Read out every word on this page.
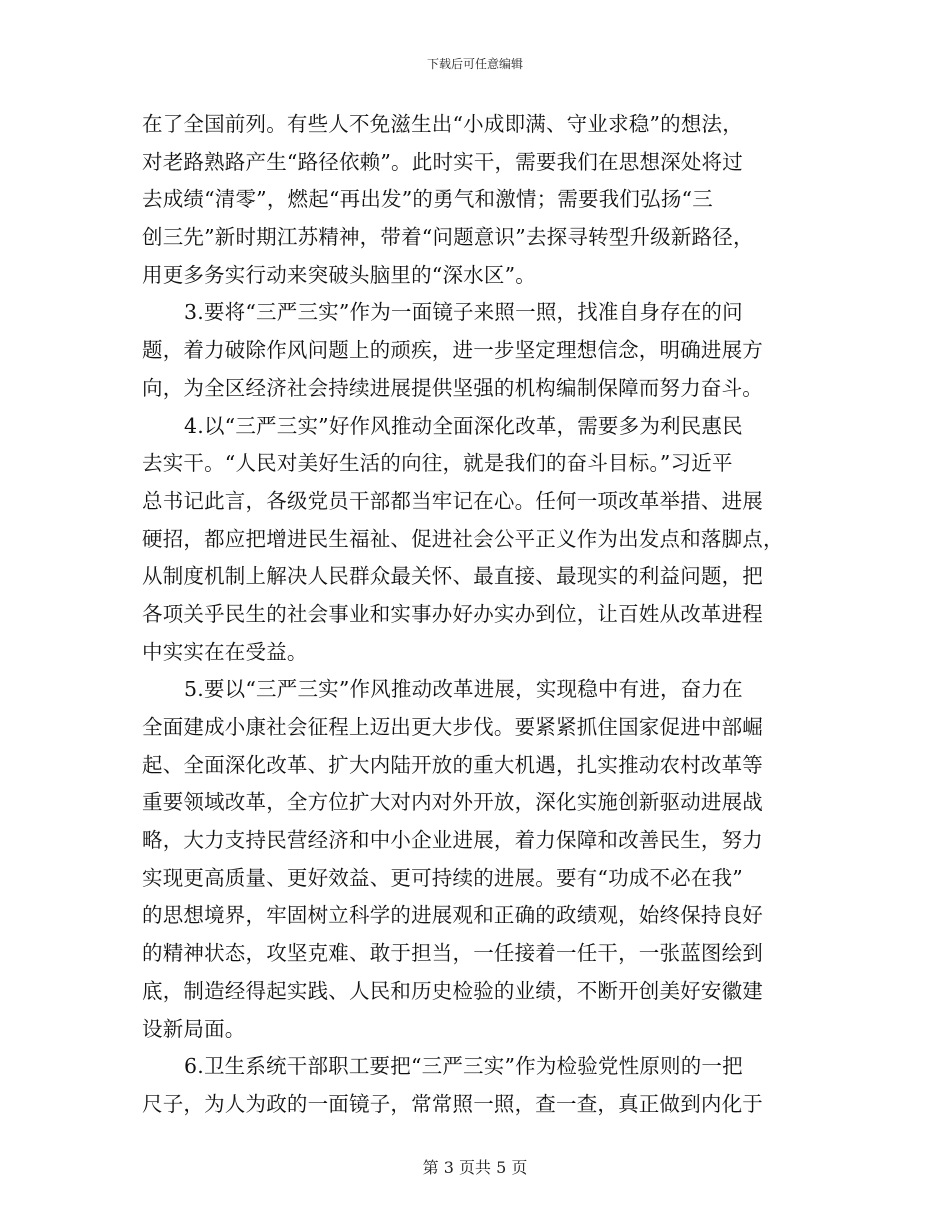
下载后可任意编辑
在了全国前列。有些人不免滋生出“小成即满、守业求稳”的想法，
对老路熟路产生“路径依赖”。此时实干，需要我们在思想深处将过
去成绩“清零”，燃起“再出发”的勇气和激情；需要我们弘扬“三
创三先”新时期江苏精神，带着“问题意识”去探寻转型升级新路径，
用更多务实行动来突破头脑里的“深水区”。
3.要将“三严三实”作为一面镜子来照一照，找准自身存在的问
题，着力破除作风问题上的顽疾，进一步坚定理想信念，明确进展方
向，为全区经济社会持续进展提供坚强的机构编制保障而努力奋斗。
4.以“三严三实”好作风推动全面深化改革，需要多为利民惠民
去实干。“人民对美好生活的向往，就是我们的奋斗目标。”习近平
总书记此言，各级党员干部都当牢记在心。任何一项改革举措、进展
硬招，都应把增进民生福祉、促进社会公平正义作为出发点和落脚点，
从制度机制上解决人民群众最关怀、最直接、最现实的利益问题，把
各项关乎民生的社会事业和实事办好办实办到位，让百姓从改革进程
中实实在在受益。
5.要以“三严三实”作风推动改革进展，实现稳中有进，奋力在
全面建成小康社会征程上迈出更大步伐。要紧紧抓住国家促进中部崛
起、全面深化改革、扩大内陆开放的重大机遇，扎实推动农村改革等
重要领域改革，全方位扩大对内对外开放，深化实施创新驱动进展战
略，大力支持民营经济和中小企业进展，着力保障和改善民生，努力
实现更高质量、更好效益、更可持续的进展。要有“功成不必在我”
的思想境界，牢固树立科学的进展观和正确的政绩观，始终保持良好
的精神状态，攻坚克难、敢于担当，一任接着一任干，一张蓝图绘到
底，制造经得起实践、人民和历史检验的业绩，不断开创美好安徽建
设新局面。
6.卫生系统干部职工要把“三严三实”作为检验党性原则的一把
尺子，为人为政的一面镜子，常常照一照，查一查，真正做到内化于
第 3 页共 5 页
